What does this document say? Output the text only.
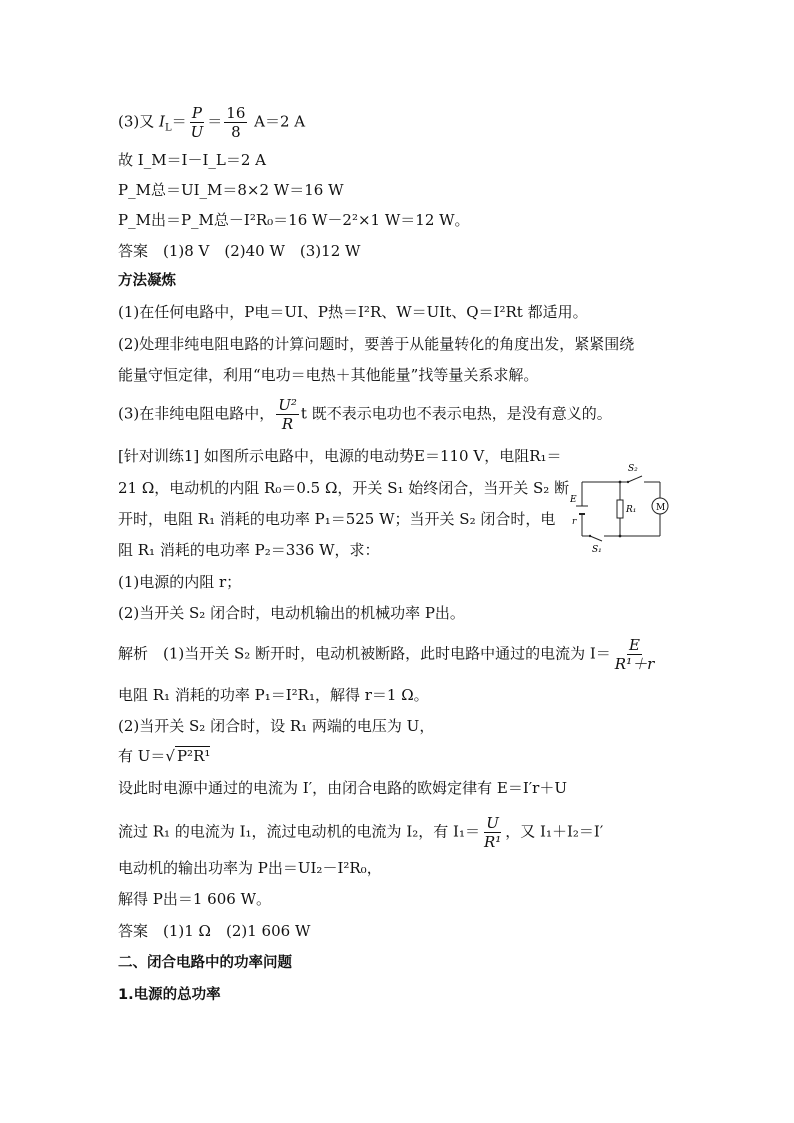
(3)又 $I_L= \frac{P}{U} = \frac{16}{8} A=2$ A
故 I_M＝I－I_L＝2 A
P_M总＝UI_M＝8×2 W＝16 W
P_M出＝P_M总－I²R₀＝16 W－2²×1 W＝12 W。
答案　(1)8 V　(2)40 W　(3)12 W
方法凝炼
(1)在任何电路中，P电＝UI、P热＝I²R、W＝UIt、Q＝I²Rt 都适用。
(2)处理非纯电阻电路的计算问题时，要善于从能量转化的角度出发，紧紧围绕
能量守恒定律，利用“电功＝电热＋其他能量”找等量关系求解。
(3)在非纯电阻电路中， $\frac{\text{U²}}{R}$ t 既不表示电功也不表示电热，是没有意义的。
[针对训练1] 如图所示电路中，电源的电动势E＝110 V，电阻R₁＝
21 Ω，电动机的内阻 R₀＝0.5 Ω，开关 S₁ 始终闭合，当开关 S₂ 断
开时，电阻 R₁ 消耗的电功率 P₁＝525 W；当开关 S₂ 闭合时，电
阻 R₁ 消耗的电功率 P₂＝336 W，求：
(1)电源的内阻 r；
(2)当开关 S₂ 闭合时，电动机输出的机械功率 P出。
解析　(1)当开关 S₂ 断开时，电动机被断路，此时电路中通过的电流为 $I= \frac{E}{\text{R¹＋r}}$
电阻 R₁ 消耗的功率 P₁＝I²R₁，解得 r＝1 Ω。
(2)当开关 S₂ 闭合时，设 R₁ 两端的电压为 U，
有 U＝√ P²R¹
设此时电源中通过的电流为 I′，由闭合电路的欧姆定律有 E＝I′r＋U
流过 R₁ 的电流为 I₁，流过电动机的电流为 I₂，有 $I_1= \frac{U}{\text{R¹}}$ ，又 I₁＋I₂＝I′
电动机的输出功率为 P出＝UI₂－I²R₀，
解得 P出＝1 606 W。
答案　(1)1 Ω　(2)1 606 W
二、闭合电路中的功率问题
1.电源的总功率
S₂
E
r
R₁ M
S₁
